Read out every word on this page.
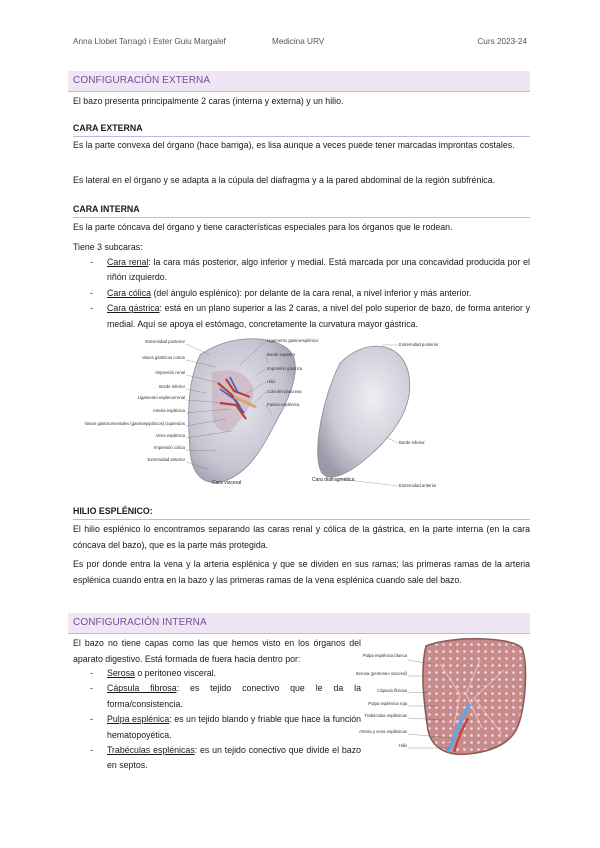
Anna Llobet Tarragó i Ester Guiu Margalef	Medicina URV	Curs 2023-24
CONFIGURACIÓN EXTERNA
El bazo presenta principalmente 2 caras (interna y externa) y un hilio.
CARA EXTERNA
Es la parte convexa del órgano (hace barriga), es lisa aunque a veces puede tener marcadas improntas costales.
Es lateral en el órgano y se adapta a la cúpula del diafragma y a la pared abdominal de la región subfrénica.
CARA INTERNA
Es la parte cóncava del órgano y tiene características especiales para los órganos que le rodean.
Tiene 3 subcaras:
- Cara renal: la cara más posterior, algo inferior y medial. Está marcada por una concavidad producida por el riñón izquierdo.
- Cara cólica (del ángulo esplénico): por delante de la cara renal, a nivel inferior y más anterior.
- Cara gástrica: está en un plano superior a las 2 caras, a nivel del polo superior de bazo, de forma anterior y medial. Aquí se apoya el estómago, concretamente la curvatura mayor gástrica.
Extremidad posterior
Vasos gástricos cortos
Impresión renal
Borde inferior
Ligamento esplenorrenal
Arteria esplénica
Vasos gastroomentales (gastroepiploicos) izquierdos
Vena esplénica
Impresión cólica
Extremidad anterior
Ligamento gastroesplénico
Borde superior
Impresión gástrica
Hilio
Cola del páncreas
Fascia esplénica
Extremidad posterior
Borde inferior
Extremidad anterior
Cara visceral	Cara diafragmática
HILIO ESPLÉNICO:
El hilio esplénico lo encontramos separando las caras renal y cólica de la gástrica, en la parte interna (en la cara cóncava del bazo), que es la parte más protegida.
Es por donde entra la vena y la arteria esplénica y que se dividen en sus ramas; las primeras ramas de la arteria esplénica cuando entra en la bazo y las primeras ramas de la vena esplénica cuando sale del bazo.
CONFIGURACIÓN INTERNA
El bazo no tiene capas como las que hemos visto en los órganos del aparato digestivo. Está formada de fuera hacia dentro por:
- Serosa o peritoneo visceral.
- Cápsula fibrosa: es tejido conectivo que le da la forma/consistencia.
- Pulpa esplénica: es un tejido blando y friable que hace la función hematopoyética.
- Trabéculas esplénicas: es un tejido conectivo que divide el bazo en septos.
Pulpa esplénica blanca
Serosa (peritoneo visceral)
Cápsula fibrosa
Pulpa esplénica roja
Trabéculas esplénicas
Arteria y vena esplénicas
Hilio
